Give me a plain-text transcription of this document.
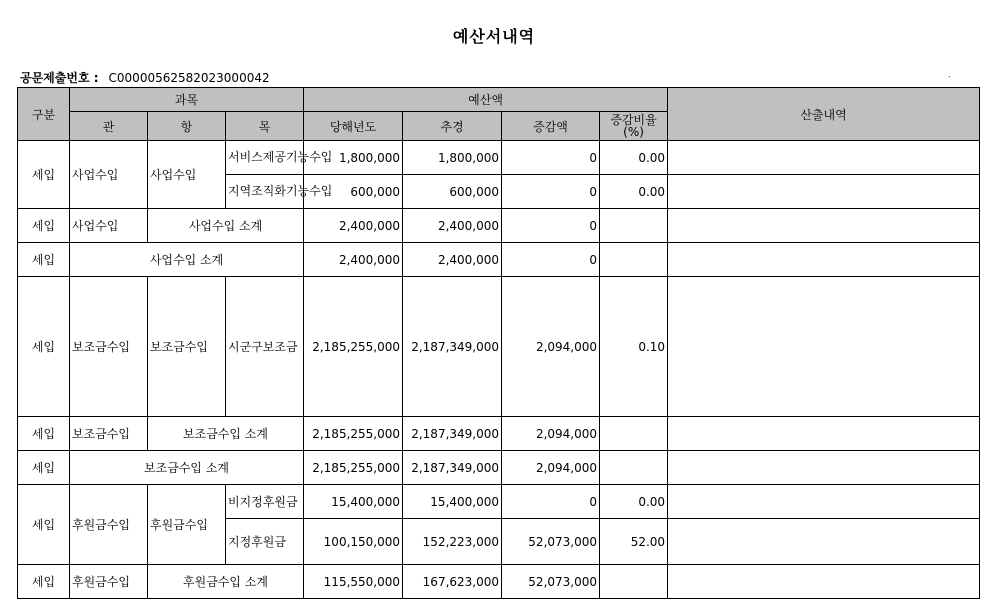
예산서내역
공문제출번호 : C00000562582023000042	.
구분	과목			예산액				산출내역
	관	항	목	당해년도	추경	증감액	증감비율
(%)	
세입	사업수입	사업수입	서비스제공기능수입	1,800,000	1,800,000	0	0.00	
			지역조직화기능수입	600,000	600,000	0	0.00	
세입	사업수입	사업수입 소계		2,400,000	2,400,000	0		
세입	사업수입 소계			2,400,000	2,400,000	0		
세입	보조금수입	보조금수입	시군구보조금	2,185,255,000	2,187,349,000	2,094,000	0.10	
세입	보조금수입	보조금수입 소계		2,185,255,000	2,187,349,000	2,094,000		
세입	보조금수입 소계			2,185,255,000	2,187,349,000	2,094,000		
세입	후원금수입	후원금수입	비지정후원금	15,400,000	15,400,000	0	0.00	
			지정후원금	100,150,000	152,223,000	52,073,000	52.00	
세입	후원금수입	후원금수입 소계		115,550,000	167,623,000	52,073,000		
